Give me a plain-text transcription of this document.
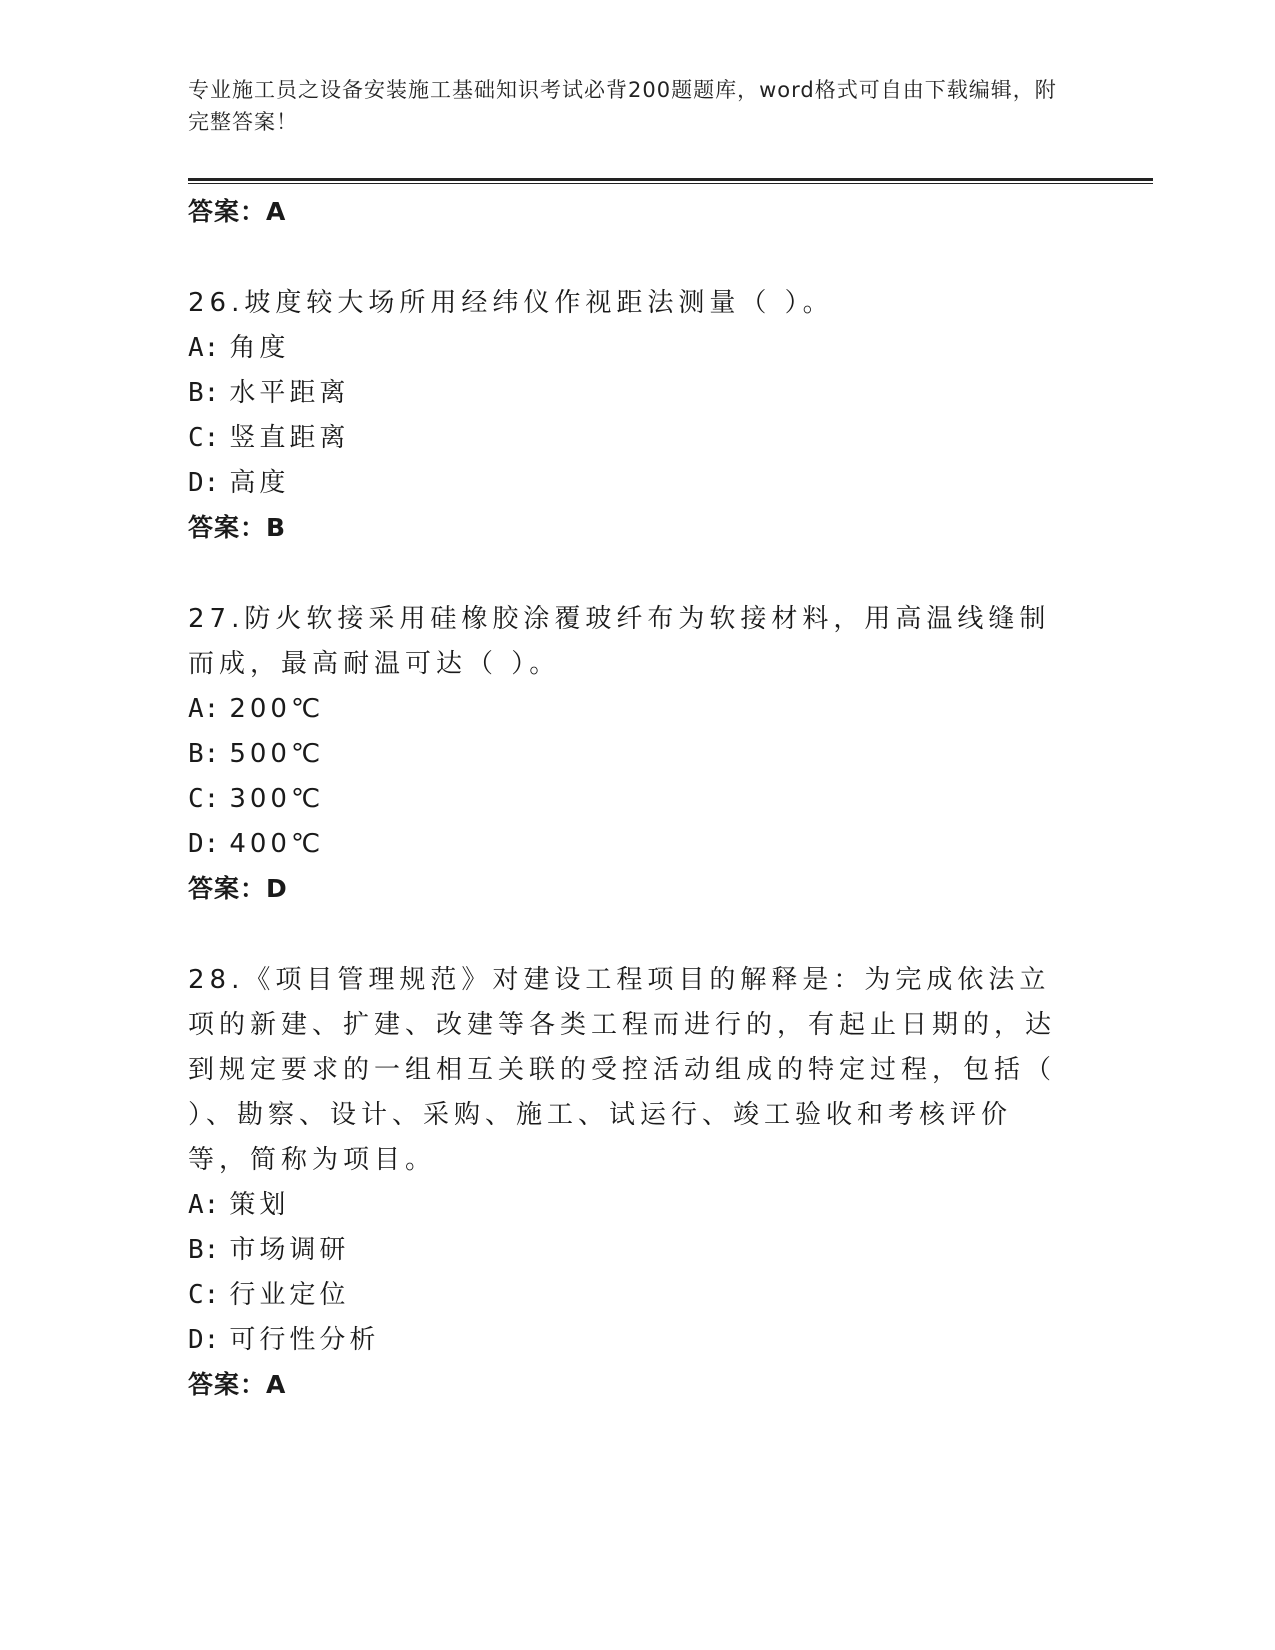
专业施工员之设备安装施工基础知识考试必背200题题库，word格式可自由下载编辑，附完整答案！
答案：A
26.坡度较大场所用经纬仪作视距法测量（ ）。
A: 角度
B: 水平距离
C: 竖直距离
D: 高度
答案：B
27.防火软接采用硅橡胶涂覆玻纤布为软接材料，用高温线缝制而成，最高耐温可达（ ）。
A: 200℃
B: 500℃
C: 300℃
D: 400℃
答案：D
28.《项目管理规范》对建设工程项目的解释是：为完成依法立项的新建、扩建、改建等各类工程而进行的，有起止日期的，达到规定要求的一组相互关联的受控活动组成的特定过程，包括（ ）、勘察、设计、采购、施工、试运行、竣工验收和考核评价等，简称为项目。
A: 策划
B: 市场调研
C: 行业定位
D: 可行性分析
答案：A
